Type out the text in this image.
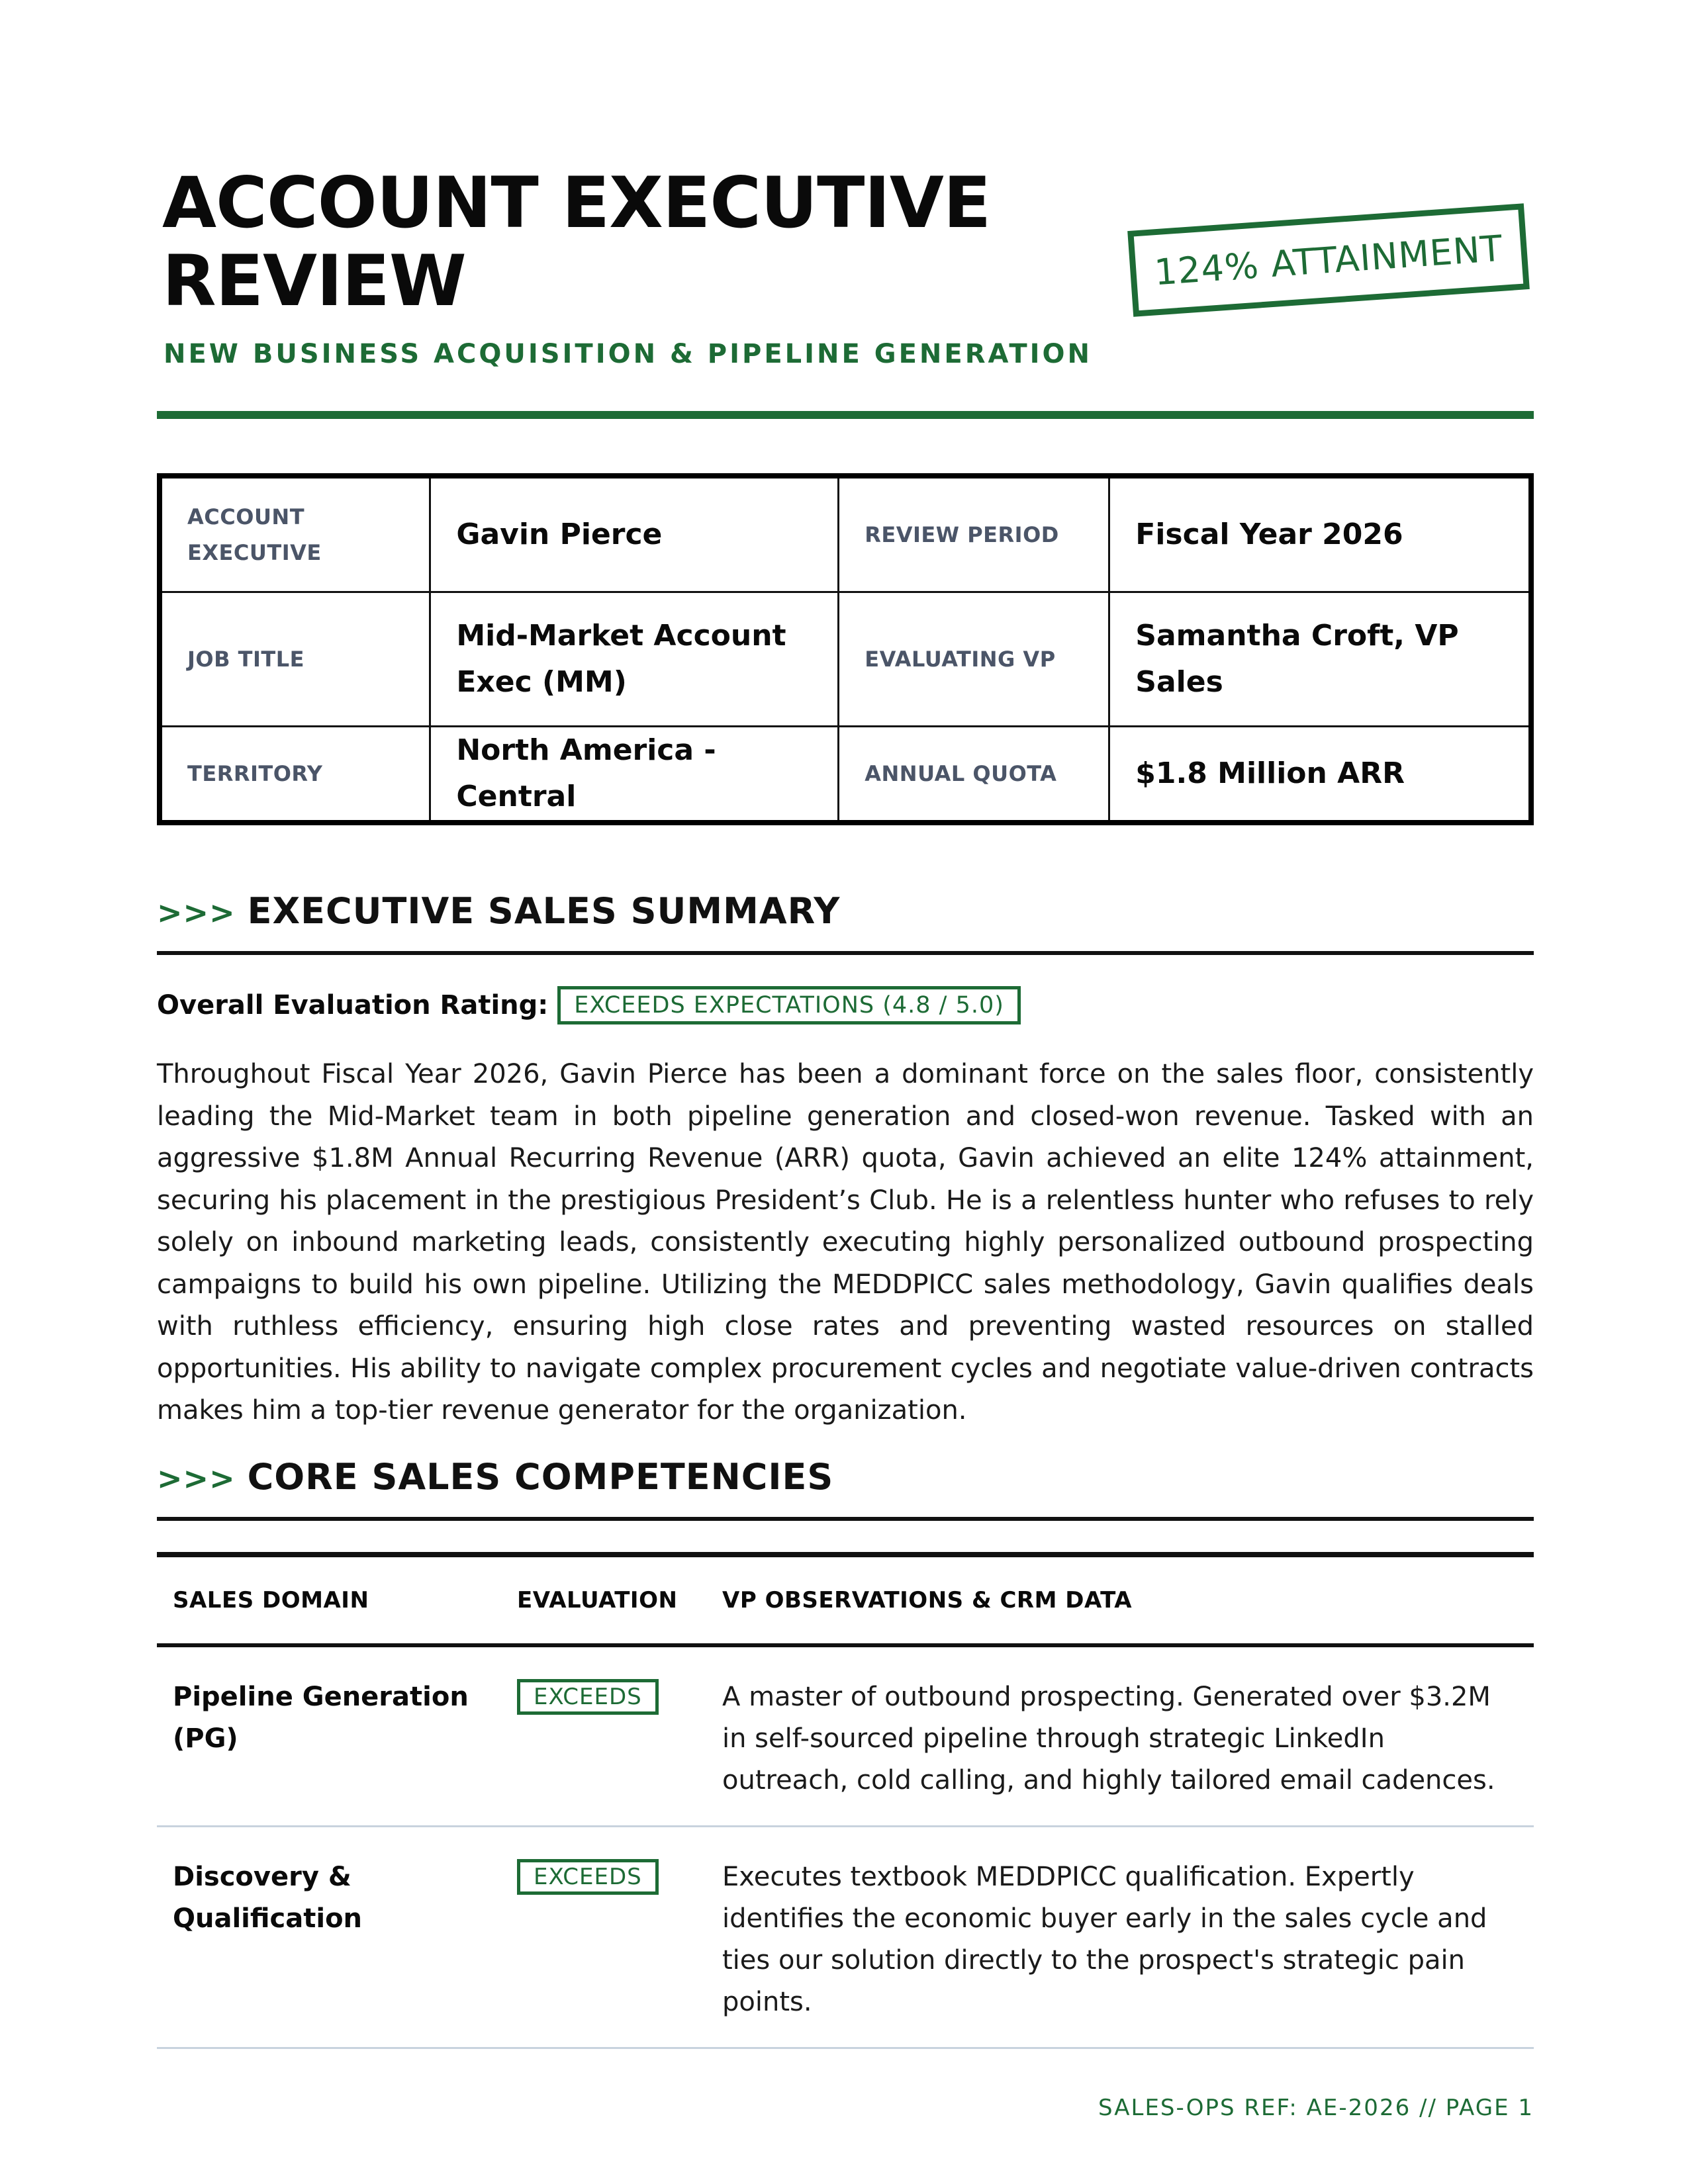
ACCOUNT EXECUTIVE REVIEW
NEW BUSINESS ACQUISITION & PIPELINE GENERATION
124% ATTAINMENT
ACCOUNT EXECUTIVE	Gavin Pierce	REVIEW PERIOD	Fiscal Year 2026
JOB TITLE	Mid-Market Account Exec (MM)	EVALUATING VP	Samantha Croft, VP Sales
TERRITORY	North America - Central	ANNUAL QUOTA	$1.8 Million ARR
>>> EXECUTIVE SALES SUMMARY
Overall Evaluation Rating:	EXCEEDS EXPECTATIONS (4.8 / 5.0)

Throughout Fiscal Year 2026, Gavin Pierce has been a dominant force on the sales floor, consistently leading the Mid-Market team in both pipeline generation and closed-won revenue. Tasked with an aggressive $1.8M Annual Recurring Revenue (ARR) quota, Gavin achieved an elite 124% attainment, securing his placement in the prestigious President’s Club. He is a relentless hunter who refuses to rely solely on inbound marketing leads, consistently executing highly personalized outbound prospecting campaigns to build his own pipeline. Utilizing the MEDDPICC sales methodology, Gavin qualifies deals with ruthless efficiency, ensuring high close rates and preventing wasted resources on stalled opportunities. His ability to navigate complex procurement cycles and negotiate value-driven contracts makes him a top-tier revenue generator for the organization.

>>> CORE SALES COMPETENCIES
SALES DOMAIN	EVALUATION	VP OBSERVATIONS & CRM DATA
Pipeline Generation (PG)	EXCEEDS	A master of outbound prospecting. Generated over $3.2M in self-sourced pipeline through strategic LinkedIn outreach, cold calling, and highly tailored email cadences.
Discovery & Qualification	EXCEEDS	Executes textbook MEDDPICC qualification. Expertly identifies the economic buyer early in the sales cycle and ties our solution directly to the prospect's strategic pain points.
SALES-OPS REF: AE-2026 // PAGE 1
